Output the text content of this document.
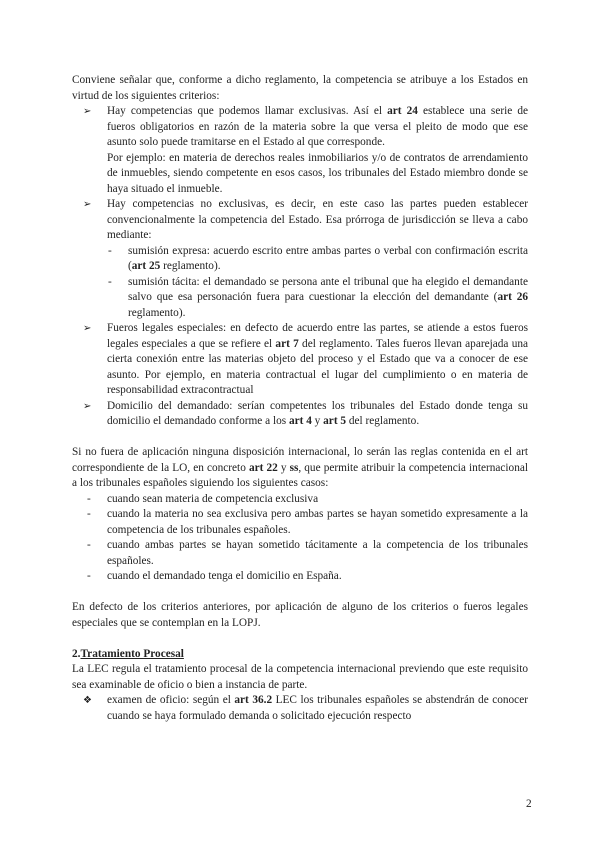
Conviene señalar que, conforme a dicho reglamento, la competencia se atribuye a los Estados en virtud de los siguientes criterios:

➢ Hay competencias que podemos llamar exclusivas. Así el art 24 establece una serie de fueros obligatorios en razón de la materia sobre la que versa el pleito de modo que ese asunto solo puede tramitarse en el Estado al que corresponde.

Por ejemplo: en materia de derechos reales inmobiliarios y/o de contratos de arrendamiento de inmuebles, siendo competente en esos casos, los tribunales del Estado miembro donde se haya situado el inmueble.

➢ Hay competencias no exclusivas, es decir, en este caso las partes pueden establecer convencionalmente la competencia del Estado. Esa prórroga de jurisdicción se lleva a cabo mediante:
- sumisión expresa: acuerdo escrito entre ambas partes o verbal con confirmación escrita (art 25 reglamento).
- sumisión tácita: el demandado se persona ante el tribunal que ha elegido el demandante salvo que esa personación fuera para cuestionar la elección del demandante (art 26 reglamento).
➢ Fueros legales especiales: en defecto de acuerdo entre las partes, se atiende a estos fueros legales especiales a que se refiere el art 7 del reglamento. Tales fueros llevan aparejada una cierta conexión entre las materias objeto del proceso y el Estado que va a conocer de ese asunto. Por ejemplo, en materia contractual el lugar del cumplimiento o en materia de responsabilidad extracontractual
➢ Domicilio del demandado: serían competentes los tribunales del Estado donde tenga su domicilio el demandado conforme a los art 4 y art 5 del reglamento.

Si no fuera de aplicación ninguna disposición internacional, lo serán las reglas contenida en el art correspondiente de la LO, en concreto art 22 y ss, que permite atribuir la competencia internacional a los tribunales españoles siguiendo los siguientes casos:

- cuando sean materia de competencia exclusiva
- cuando la materia no sea exclusiva pero ambas partes se hayan sometido expresamente a la competencia de los tribunales españoles.
- cuando ambas partes se hayan sometido tácitamente a la competencia de los tribunales españoles.
- cuando el demandado tenga el domicilio en España.

En defecto de los criterios anteriores, por aplicación de alguno de los criterios o fueros legales especiales que se contemplan en la LOPJ.

2.Tratamiento Procesal

La LEC regula el tratamiento procesal de la competencia internacional previendo que este requisito sea examinable de oficio o bien a instancia de parte.

❖ examen de oficio: según el art 36.2 LEC los tribunales españoles se abstendrán de conocer cuando se haya formulado demanda o solicitado ejecución respecto
2
